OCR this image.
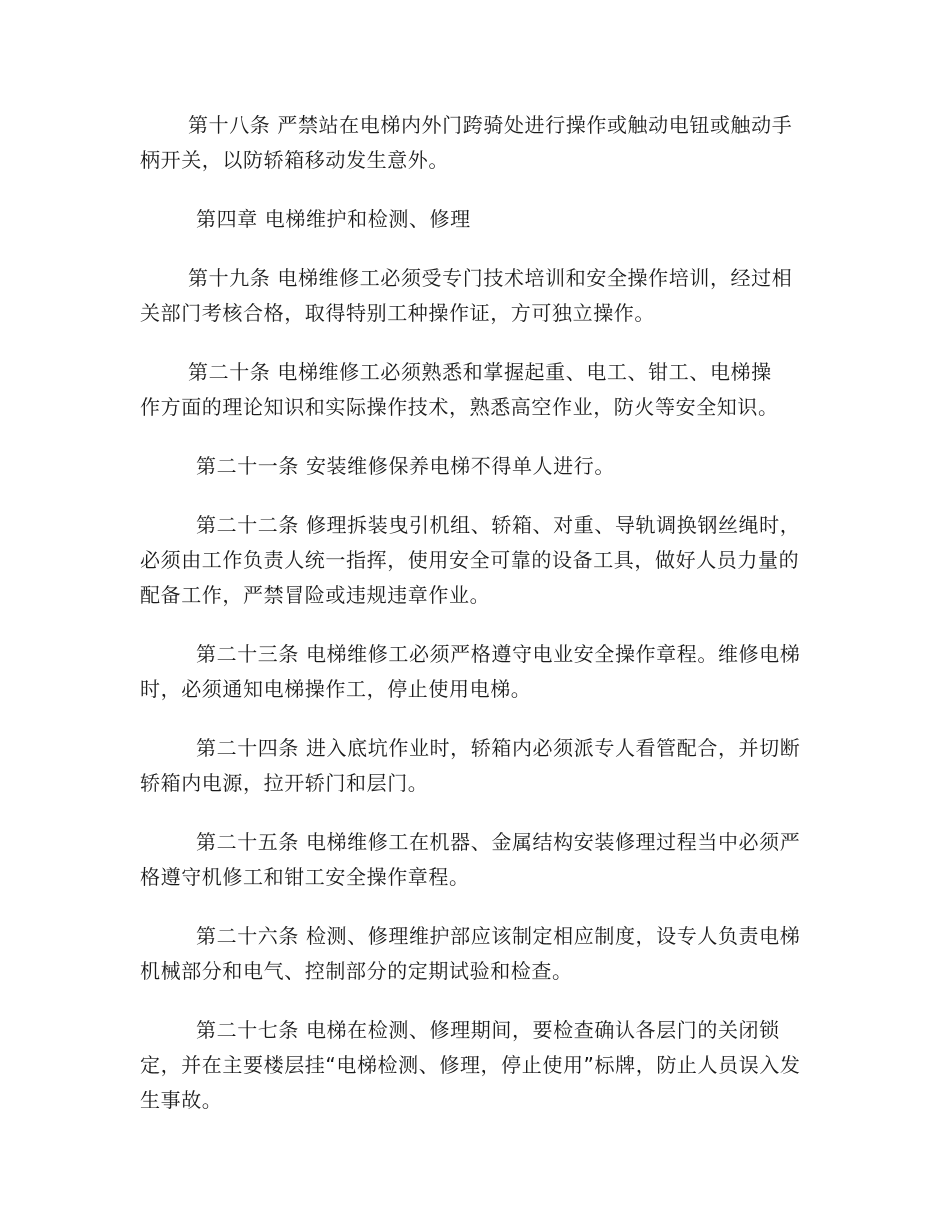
第十八条 严禁站在电梯内外门跨骑处进行操作或触动电钮或触动手柄开关，以防轿箱移动发生意外。

第四章 电梯维护和检测、修理

第十九条 电梯维修工必须受专门技术培训和安全操作培训，经过相关部门考核合格，取得特别工种操作证，方可独立操作。

第二十条 电梯维修工必须熟悉和掌握起重、电工、钳工、电梯操作方面的理论知识和实际操作技术，熟悉高空作业，防火等安全知识。

第二十一条 安装维修保养电梯不得单人进行。

第二十二条 修理拆装曳引机组、轿箱、对重、导轨调换钢丝绳时，必须由工作负责人统一指挥，使用安全可靠的设备工具，做好人员力量的配备工作，严禁冒险或违规违章作业。

第二十三条 电梯维修工必须严格遵守电业安全操作章程。维修电梯时，必须通知电梯操作工，停止使用电梯。

第二十四条 进入底坑作业时，轿箱内必须派专人看管配合，并切断轿箱内电源，拉开轿门和层门。

第二十五条 电梯维修工在机器、金属结构安装修理过程当中必须严格遵守机修工和钳工安全操作章程。

第二十六条 检测、修理维护部应该制定相应制度，设专人负责电梯机械部分和电气、控制部分的定期试验和检查。

第二十七条 电梯在检测、修理期间，要检查确认各层门的关闭锁定，并在主要楼层挂“电梯检测、修理，停止使用”标牌，防止人员误入发生事故。
